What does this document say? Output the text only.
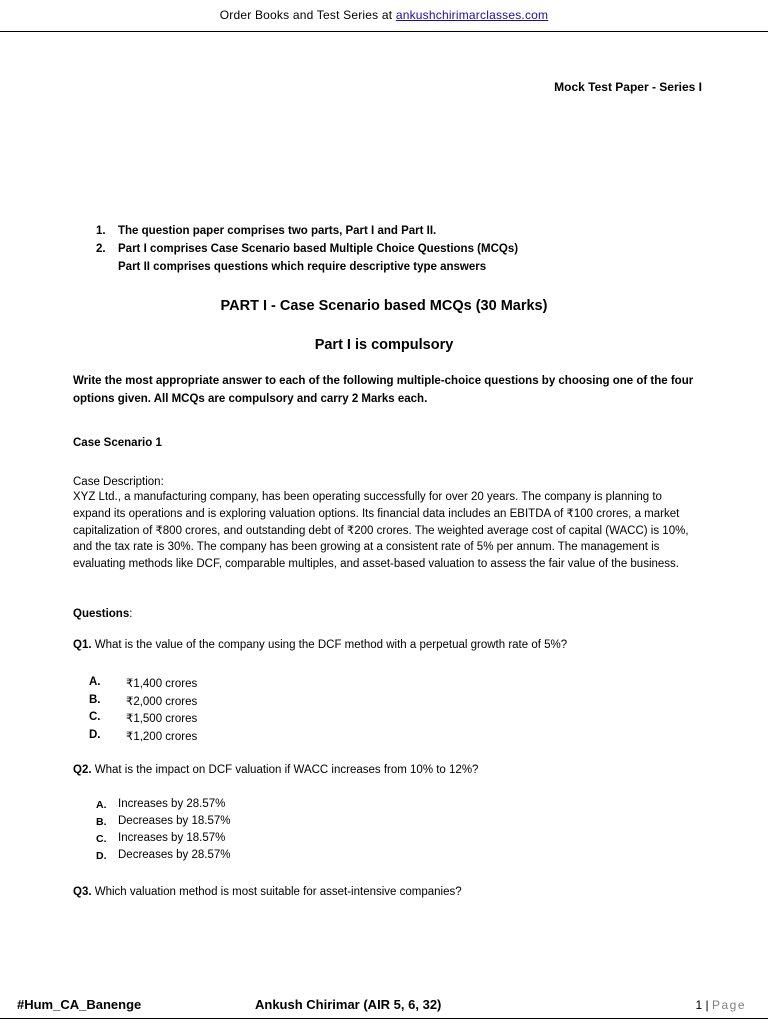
Order Books and Test Series at ankushchirimarclasses.com
Mock Test Paper - Series I
1. The question paper comprises two parts, Part I and Part II.
2. Part I comprises Case Scenario based Multiple Choice Questions (MCQs)
Part II comprises questions which require descriptive type answers
PART I - Case Scenario based MCQs (30 Marks)
Part I is compulsory
Write the most appropriate answer to each of the following multiple-choice questions by choosing one of the four options given. All MCQs are compulsory and carry 2 Marks each.
Case Scenario 1
Case Description:
XYZ Ltd., a manufacturing company, has been operating successfully for over 20 years. The company is planning to expand its operations and is exploring valuation options. Its financial data includes an EBITDA of ₹100 crores, a market capitalization of ₹800 crores, and outstanding debt of ₹200 crores. The weighted average cost of capital (WACC) is 10%, and the tax rate is 30%. The company has been growing at a consistent rate of 5% per annum. The management is evaluating methods like DCF, comparable multiples, and asset-based valuation to assess the fair value of the business.
Questions:
Q1. What is the value of the company using the DCF method with a perpetual growth rate of 5%?
A. ₹1,400 crores
B. ₹2,000 crores
C. ₹1,500 crores
D. ₹1,200 crores
Q2. What is the impact on DCF valuation if WACC increases from 10% to 12%?
A. Increases by 28.57%
B. Decreases by 18.57%
C. Increases by 18.57%
D. Decreases by 28.57%
Q3. Which valuation method is most suitable for asset-intensive companies?
#Hum_CA_Banenge	Ankush Chirimar (AIR 5, 6, 32)	1 | Page
